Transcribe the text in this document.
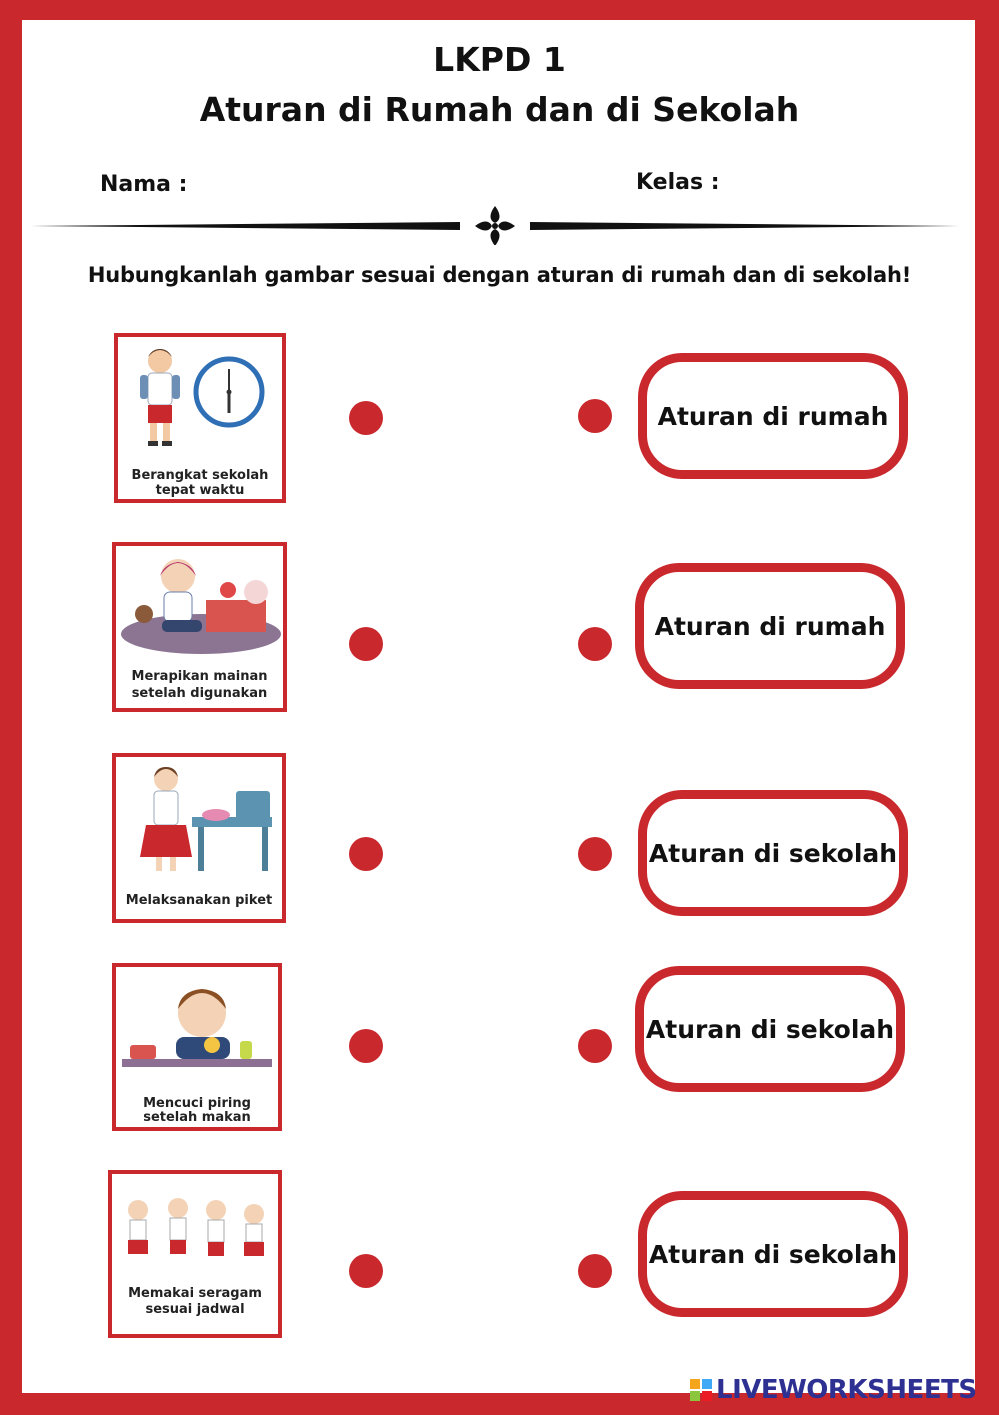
LKPD 1
Aturan di Rumah dan di Sekolah
Nama :	Kelas :
Hubungkanlah gambar sesuai dengan aturan di rumah dan di sekolah!
Berangkat sekolah
tepat waktu
Merapikan mainan
setelah digunakan
Melaksanakan piket
Mencuci piring
setelah makan
Memakai seragam
sesuai jadwal
Aturan di rumah
Aturan di rumah
Aturan di sekolah
Aturan di sekolah
Aturan di sekolah
LIVEWORKSHEETS
